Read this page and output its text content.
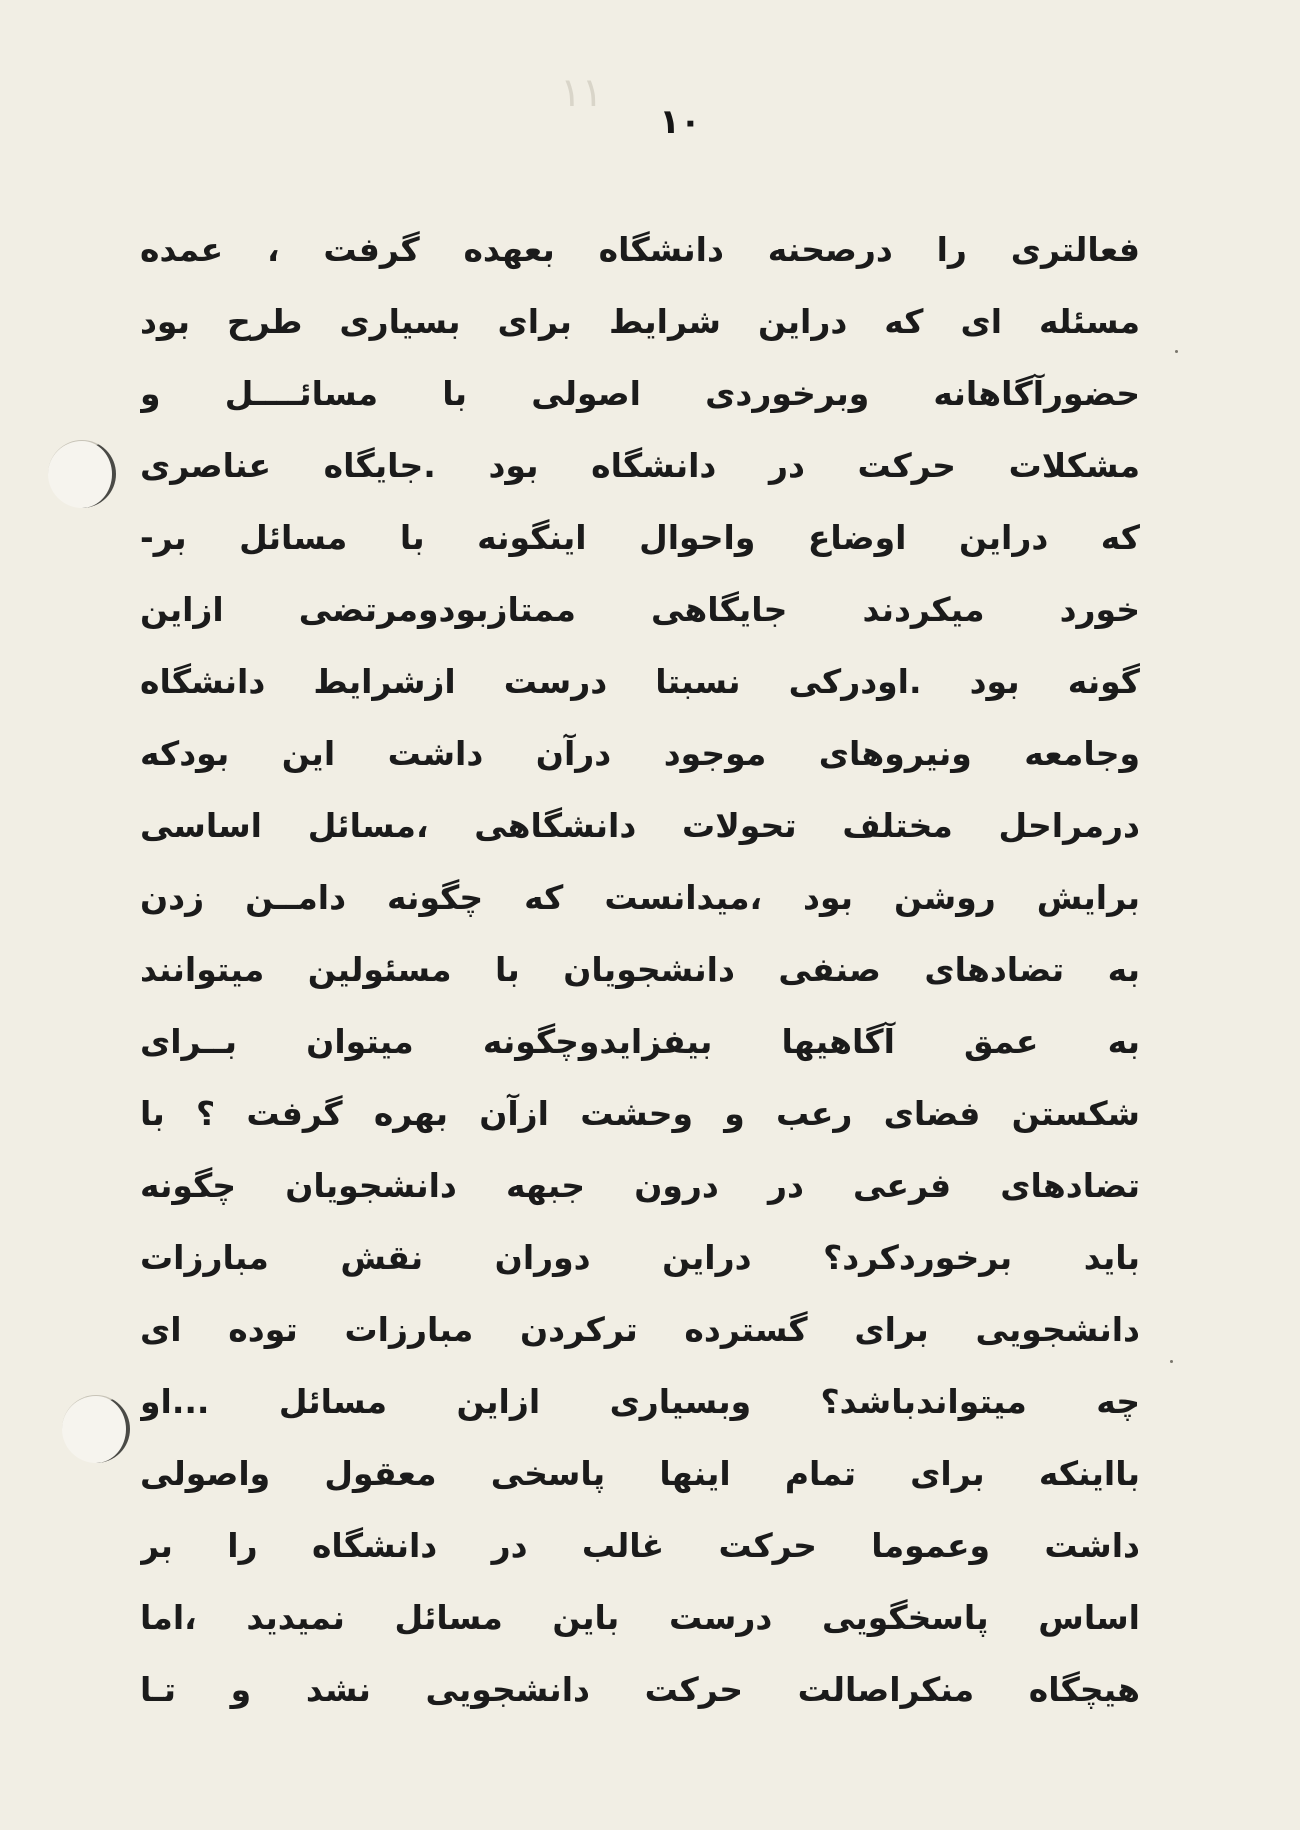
۱۱
۱۰
فعالتری را درصحنه دانشگاه بعهده گرفت ، عمده
مسئله ای که دراین شرایط برای بسیاری طرح بود
حضورآگاهانه وبرخوردی اصولی با مسائــــل و
مشکلات حرکت در دانشگاه بود .جایگاه عناصری
که دراین اوضاع واحوال اینگونه با مسائل بر-
خورد میکردند جایگاهی ممتازبودومرتضی ازاین
گونه بود .اودرکی نسبتا درست ازشرایط دانشگاه
وجامعه ونیروهای موجود درآن داشت این بودکه
درمراحل مختلف تحولات دانشگاهی ،مسائل اساسی
برایش روشن بود ،میدانست که چگونه دامــن زدن
به تضادهای صنفی دانشجویان با مسئولین میتوانند
به عمق آگاهیها بیفزایدوچگونه میتوان بــرای
شکستن فضای رعب و وحشت ازآن بهره گرفت ؟ با
تضادهای فرعی در درون جبهه دانشجویان چگونه
باید برخوردکرد؟ دراین دوران نقش مبارزات
دانشجویی برای گسترده ترکردن مبارزات توده ای
چه میتواندباشد؟ وبسیاری ازاین مسائل ...او
بااینکه برای تمام اینها پاسخی معقول واصولی
داشت وعموما حرکت غالب در دانشگاه را بر
اساس پاسخگویی درست باین مسائل نمیدید ،اما
هیچگاه منکراصالت حرکت دانشجویی نشد و تـا
